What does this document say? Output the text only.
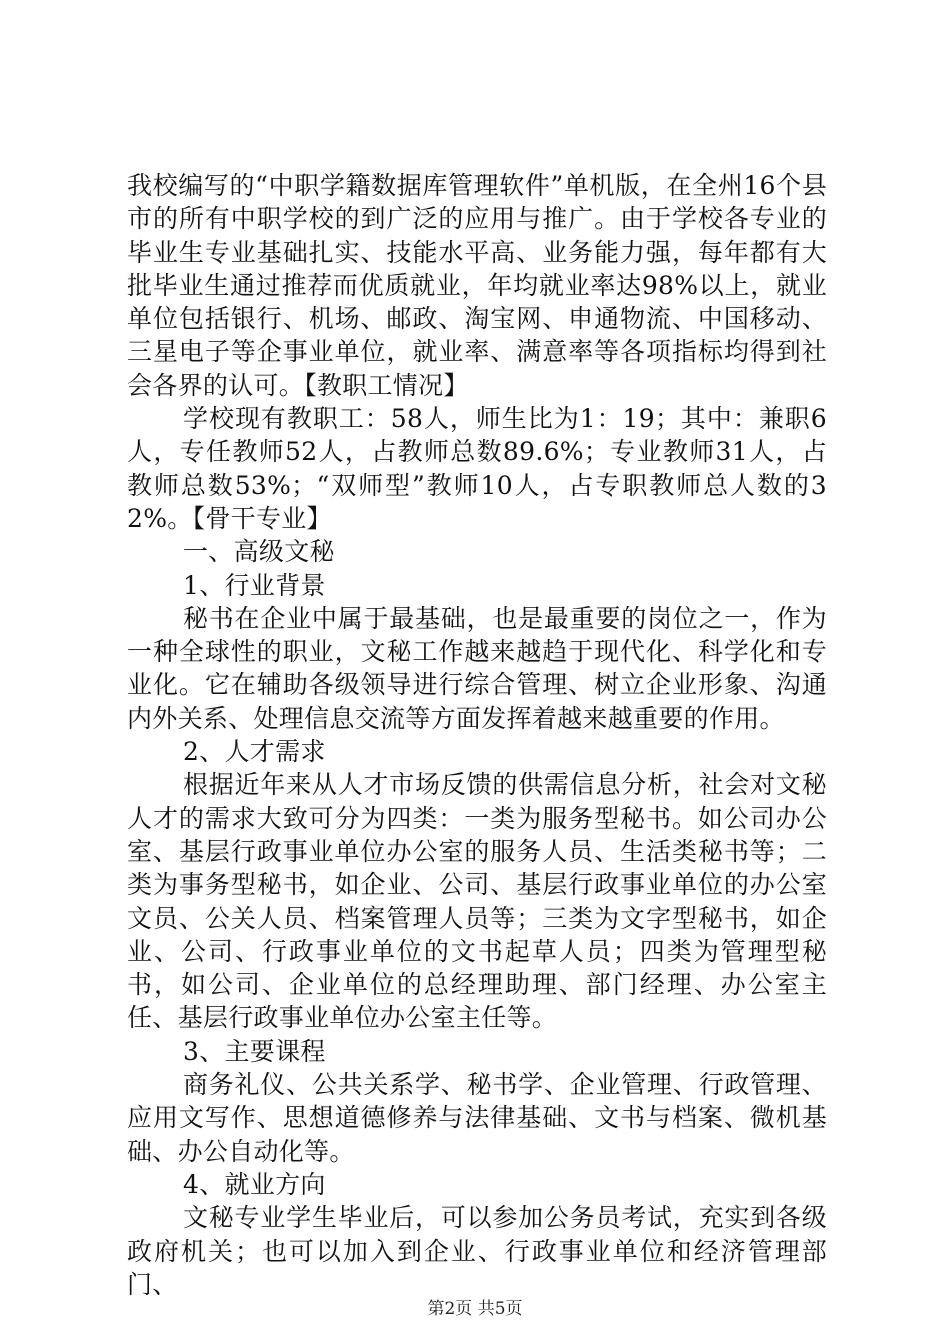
我校编写的“中职学籍数据库管理软件”单机版，在全州16个县市的所有中职学校的到广泛的应用与推广。由于学校各专业的毕业生专业基础扎实、技能水平高、业务能力强，每年都有大批毕业生通过推荐而优质就业，年均就业率达98%以上，就业单位包括银行、机场、邮政、淘宝网、申通物流、中国移动、三星电子等企事业单位，就业率、满意率等各项指标均得到社会各界的认可。【教职工情况】

学校现有教职工：58人，师生比为1：19；其中：兼职6人，专任教师52人，占教师总数89.6%；专业教师31人，占教师总数53%；“双师型”教师10人，占专职教师总人数的32%。【骨干专业】

一、高级文秘

1、行业背景

秘书在企业中属于最基础，也是最重要的岗位之一，作为一种全球性的职业，文秘工作越来越趋于现代化、科学化和专业化。它在辅助各级领导进行综合管理、树立企业形象、沟通内外关系、处理信息交流等方面发挥着越来越重要的作用。

2、人才需求

根据近年来从人才市场反馈的供需信息分析，社会对文秘人才的需求大致可分为四类：一类为服务型秘书。如公司办公室、基层行政事业单位办公室的服务人员、生活类秘书等；二类为事务型秘书，如企业、公司、基层行政事业单位的办公室文员、公关人员、档案管理人员等；三类为文字型秘书，如企业、公司、行政事业单位的文书起草人员；四类为管理型秘书，如公司、企业单位的总经理助理、部门经理、办公室主任、基层行政事业单位办公室主任等。

3、主要课程

商务礼仪、公共关系学、秘书学、企业管理、行政管理、应用文写作、思想道德修养与法律基础、文书与档案、微机基础、办公自动化等。

4、就业方向

文秘专业学生毕业后，可以参加公务员考试，充实到各级政府机关；也可以加入到企业、行政事业单位和经济管理部门、

第2页 共5页
